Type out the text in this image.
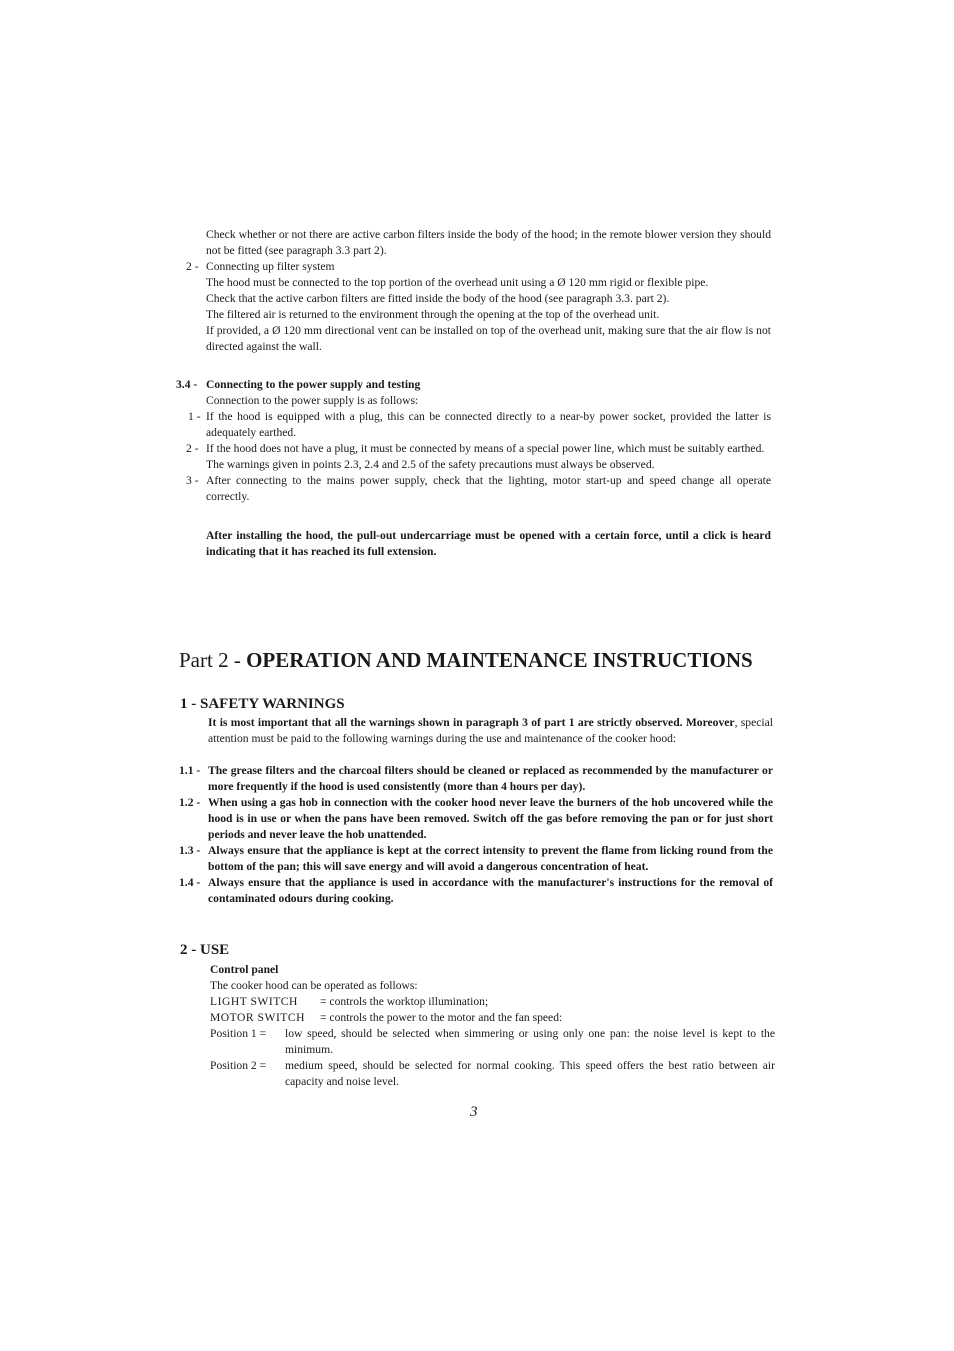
Check whether or not there are active carbon filters inside the body of the hood; in the remote blower version they should not be fitted (see paragraph 3.3 part 2).

2 - Connecting up filter system

The hood must be connected to the top portion of the overhead unit using a Ø 120 mm rigid or flexible pipe.

Check that the active carbon filters are fitted inside the body of the hood (see paragraph 3.3. part 2).

The filtered air is returned to the environment through the opening at the top of the overhead unit.

If provided, a Ø 120 mm directional vent can be installed on top of the overhead unit, making sure that the air flow is not directed against the wall.

3.4 - Connecting to the power supply and testing

Connection to the power supply is as follows:

1 - If the hood is equipped with a plug, this can be connected directly to a near-by power socket, provided the latter is adequately earthed.

2 - If the hood does not have a plug, it must be connected by means of a special power line, which must be suitably earthed.

The warnings given in points 2.3, 2.4 and 2.5 of the safety precautions must always be observed.

3 - After connecting to the mains power supply, check that the lighting, motor start-up and speed change all operate correctly.

After installing the hood, the pull-out undercarriage must be opened with a certain force, until a click is heard indicating that it has reached its full extension.

Part 2 - OPERATION AND MAINTENANCE INSTRUCTIONS
1 - SAFETY WARNINGS

It is most important that all the warnings shown in paragraph 3 of part 1 are strictly observed. Moreover, special attention must be paid to the following warnings during the use and maintenance of the cooker hood:

1.1 - The grease filters and the charcoal filters should be cleaned or replaced as recommended by the manufacturer or more frequently if the hood is used consistently (more than 4 hours per day).

1.2 - When using a gas hob in connection with the cooker hood never leave the burners of the hob uncovered while the hood is in use or when the pans have been removed. Switch off the gas before removing the pan or for just short periods and never leave the hob unattended.

1.3 - Always ensure that the appliance is kept at the correct intensity to prevent the flame from licking round from the bottom of the pan; this will save energy and will avoid a dangerous concentration of heat.

1.4 - Always ensure that the appliance is used in accordance with the manufacturer's instructions for the removal of contaminated odours during cooking.

2 - USE

Control panel

The cooker hood can be operated as follows:

LIGHT SWITCH = controls the worktop illumination;
MOTOR SWITCH = controls the power to the motor and the fan speed:
Position 1 = low speed, should be selected when simmering or using only one pan: the noise level is kept to the minimum.

Position 2 = medium speed, should be selected for normal cooking. This speed offers the best ratio between air capacity and noise level.

3
